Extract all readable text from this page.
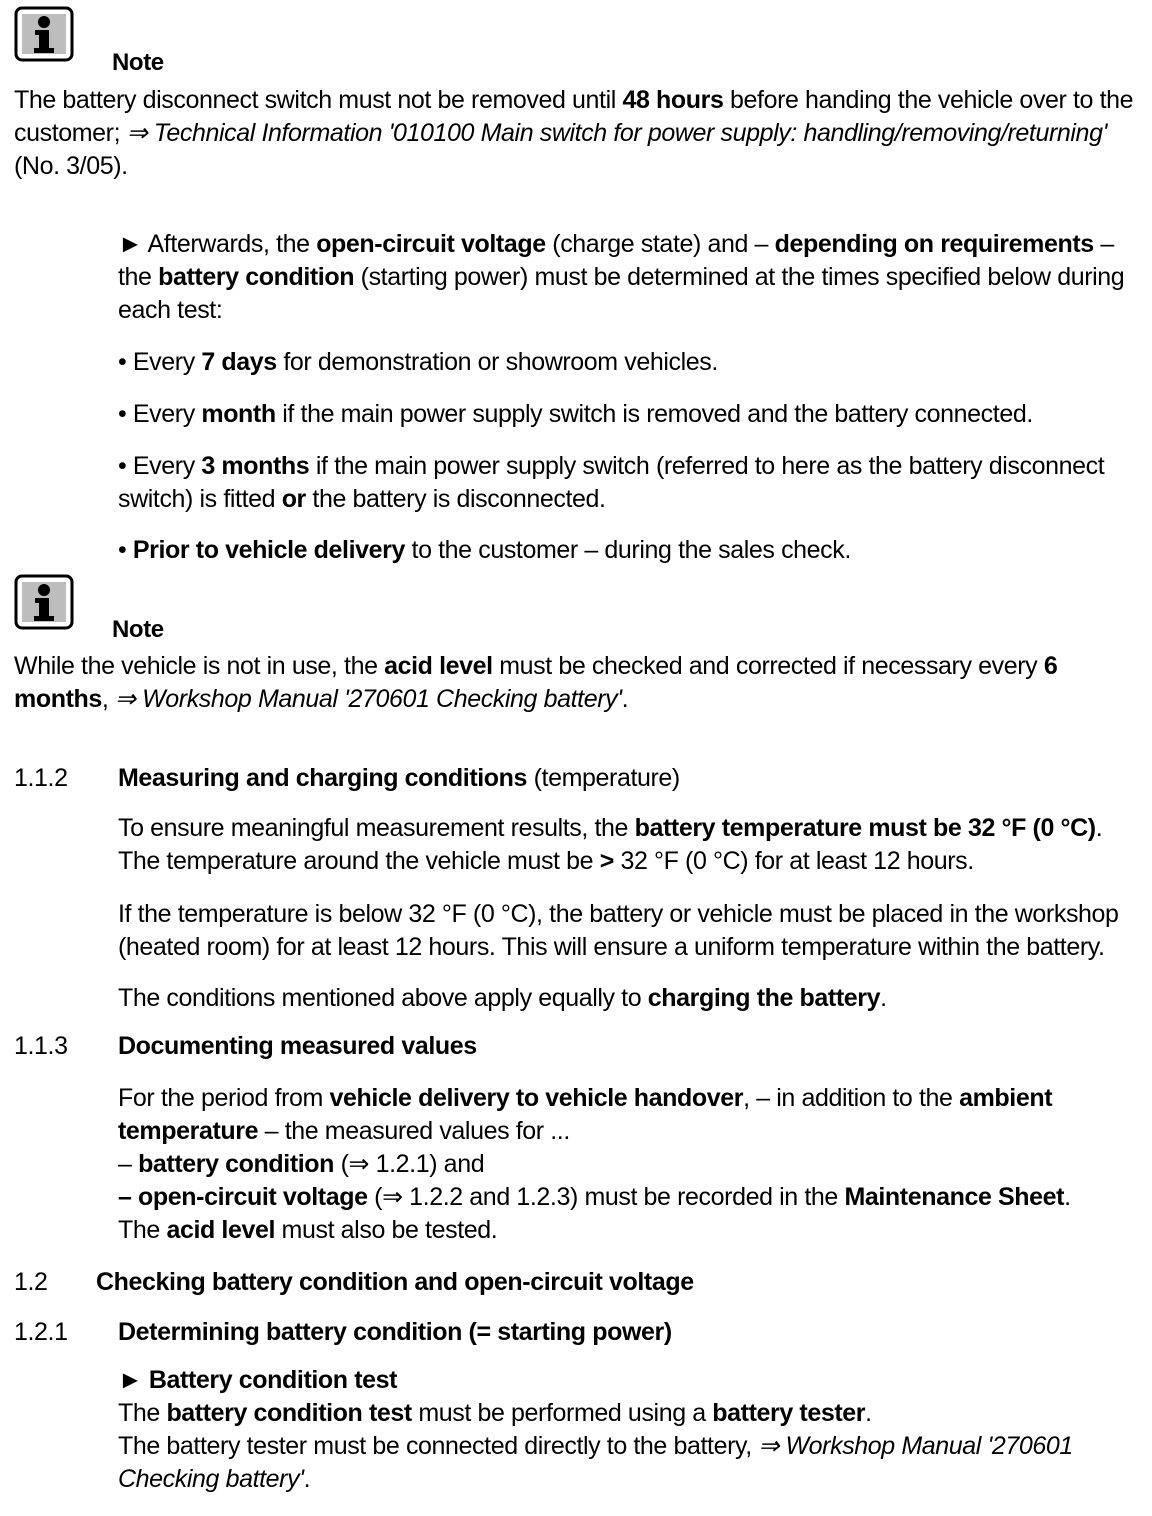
Note
The battery disconnect switch must not be removed until 48 hours before handing the vehicle over to the customer; ⇒ Technical Information '010100 Main switch for power supply: handling/removing/returning' (No. 3/05).
► Afterwards, the open-circuit voltage (charge state) and – depending on requirements – the battery condition (starting power) must be determined at the times specified below during each test:
• Every 7 days for demonstration or showroom vehicles.
• Every month if the main power supply switch is removed and the battery connected.
• Every 3 months if the main power supply switch (referred to here as the battery disconnect switch) is fitted or the battery is disconnected.
• Prior to vehicle delivery to the customer – during the sales check.
Note
While the vehicle is not in use, the acid level must be checked and corrected if necessary every 6 months, ⇒ Workshop Manual '270601 Checking battery'.
1.1.2 Measuring and charging conditions (temperature)
To ensure meaningful measurement results, the battery temperature must be 32 °F (0 °C). The temperature around the vehicle must be > 32 °F (0 °C) for at least 12 hours.
If the temperature is below 32 °F (0 °C), the battery or vehicle must be placed in the workshop (heated room) for at least 12 hours. This will ensure a uniform temperature within the battery.
The conditions mentioned above apply equally to charging the battery.
1.1.3 Documenting measured values

For the period from vehicle delivery to vehicle handover, – in addition to the ambient temperature – the measured values for ...

– battery condition (⇒ 1.2.1) and

– open-circuit voltage (⇒ 1.2.2 and 1.2.3) must be recorded in the Maintenance Sheet.

The acid level must also be tested.

1.2 Checking battery condition and open-circuit voltage
1.2.1 Determining battery condition (= starting power)

► Battery condition test

The battery condition test must be performed using a battery tester.

The battery tester must be connected directly to the battery, ⇒ Workshop Manual '270601 Checking battery'.
